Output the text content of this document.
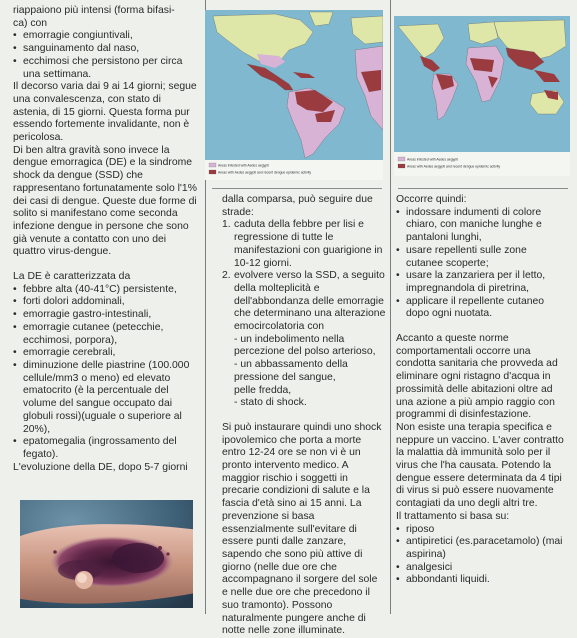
riappaiono più intensi (forma bifasi-

ca) con

• emorragie congiuntivali,
• sanguinamento dal naso,
• ecchimosi che persistono per circa una settimana.

Il decorso varia dai 9 ai 14 giorni; segue una convalescenza, con stato di astenia, di 15 giorni. Questa forma pur essendo fortemente invalidante, non è pericolosa.

Di ben altra gravità sono invece la dengue emorragica (DE) e la sindrome shock da dengue (SSD) che rappresentano fortunatamente solo l'1% dei casi di dengue. Queste due forme di solito si manifestano come seconda infezione dengue in persone che sono già venute a contatto con uno dei quattro virus-dengue.

La DE è caratterizzata da

• febbre alta (40-41°C) persistente,
• forti dolori addominali,
• emorragie gastro-intestinali,
• emorragie cutanee (petecchie, ecchimosi, porpora),
• emorragie cerebrali,
• diminuzione delle piastrine (100.000 cellule/mm3 o meno) ed elevato ematocrito (è la percentuale del volume del sangue occupato dai globuli rossi)(uguale o superiore al 20%),
• epatomegalia (ingrossamento del fegato).

L'evoluzione della DE, dopo 5-7 giorni

Areas infested with Aedes aegypti
Areas with Aedes aegypti and recent dengue epidemic activity
Areas infested with Aedes aegypti
Areas with Aedes aegypti and recent dengue epidemic activity

dalla comparsa, può seguire due strade:

1. caduta della febbre per lisi e regressione di tutte le manifestazioni con guarigione in 10-12 giorni.
2. evolvere verso la SSD, a seguito della molteplicità e dell'abbondanza delle emorragie che determinano una alterazione emocircolatoria con
- un indebolimento nella percezione del polso arterioso,
- un abbassamento della pressione del sangue,
pelle fredda,
- stato di shock.

Si può instaurare quindi uno shock ipovolemico che porta a morte entro 12-24 ore se non vi è un pronto intervento medico. A maggior rischio i soggetti in precarie condizioni di salute e la fascia d'età sino ai 15 anni. La prevenzione si basa essenzialmente sull'evitare di essere punti dalle zanzare, sapendo che sono più attive di giorno (nelle due ore che accompagnano il sorgere del sole e nelle due ore che precedono il suo tramonto). Possono naturalmente pungere anche di notte nelle zone illuminate.

Occorre quindi:

• indossare indumenti di colore chiaro, con maniche lunghe e pantaloni lunghi,
• usare repellenti sulle zone cutanee scoperte;
• usare la zanzariera per il letto, impregnandola di piretrina,
• applicare il repellente cutaneo dopo ogni nuotata.

Accanto a queste norme comportamentali occorre una condotta sanitaria che provveda ad eliminare ogni ristagno d'acqua in prossimità delle abitazioni oltre ad una azione a più ampio raggio con programmi di disinfestazione.

Non esiste una terapia specifica e neppure un vaccino. L'aver contratto la malattia dà immunità solo per il virus che l'ha causata. Potendo la dengue essere determinata da 4 tipi di virus si può essere nuovamente contagiati da uno degli altri tre.

Il trattamento si basa su:

• riposo
• antipiretici (es.paracetamolo) (mai aspirina)
• analgesici
• abbondanti liquidi.
